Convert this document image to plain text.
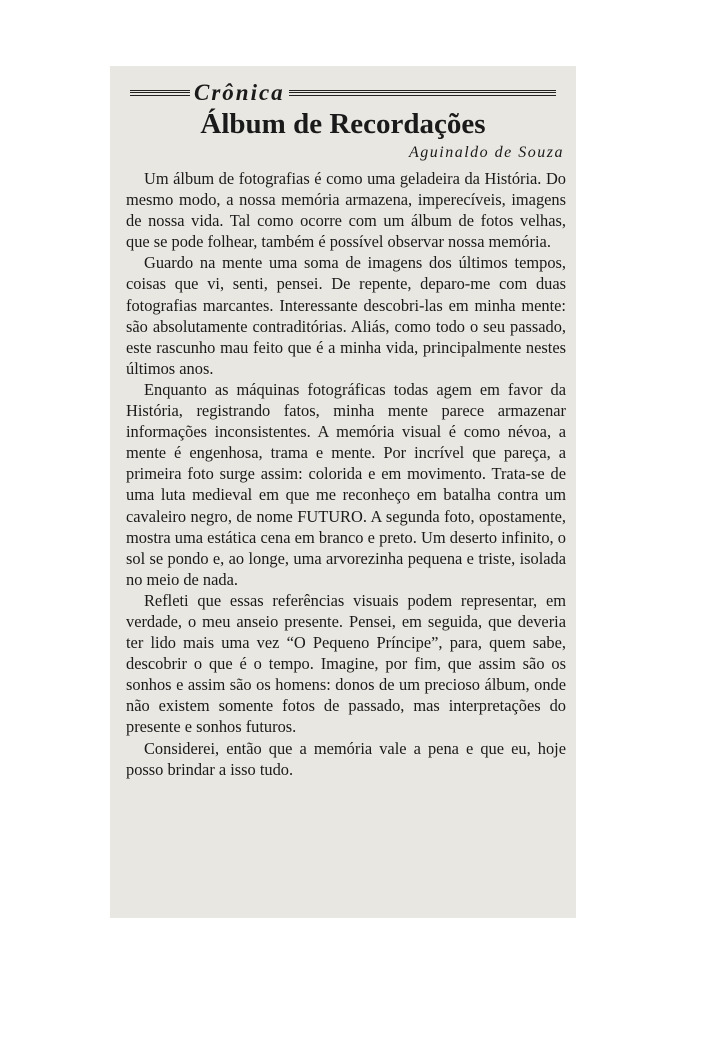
Crônica
Álbum de Recordações
Aguinaldo de Souza

Um álbum de fotografias é como uma geladeira da História. Do mesmo modo, a nossa memória armazena, imperecíveis, imagens de nossa vida. Tal como ocorre com um álbum de fotos velhas, que se pode folhear, também é possível observar nossa memória.

Guardo na mente uma soma de imagens dos últimos tempos, coisas que vi, senti, pensei. De repente, deparo-me com duas fotografias marcantes. Interessante descobri-las em minha mente: são absolutamente contraditórias. Aliás, como todo o seu passado, este rascunho mau feito que é a minha vida, principalmente nestes últimos anos.

Enquanto as máquinas fotográficas todas agem em favor da História, registrando fatos, minha mente parece armazenar informações inconsistentes. A memória visual é como névoa, a mente é engenhosa, trama e mente. Por incrível que pareça, a primeira foto surge assim: colorida e em movimento. Trata-se de uma luta medieval em que me reconheço em batalha contra um cavaleiro negro, de nome FUTURO. A segunda foto, opostamente, mostra uma estática cena em branco e preto. Um deserto infinito, o sol se pondo e, ao longe, uma arvorezinha pequena e triste, isolada no meio de nada.

Refleti que essas referências visuais podem representar, em verdade, o meu anseio presente. Pensei, em seguida, que deveria ter lido mais uma vez “O Pequeno Príncipe”, para, quem sabe, descobrir o que é o tempo. Imagine, por fim, que assim são os sonhos e assim são os homens: donos de um precioso álbum, onde não existem somente fotos de passado, mas interpretações do presente e sonhos futuros.

Considerei, então que a memória vale a pena e que eu, hoje posso brindar a isso tudo.
